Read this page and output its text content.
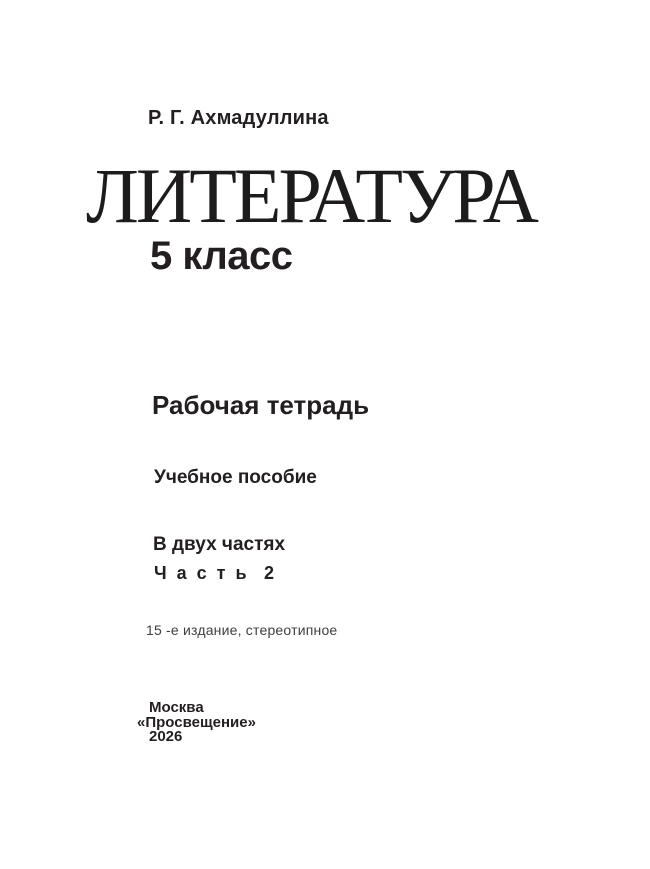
Р. Г. Ахмадуллина
ЛИТЕРАТУРА
5 класс
Рабочая тетрадь
Учебное пособие
В двух частях
Ч а с т ь  2
15 -е издание, стереотипное
Москва
«Просвещение»
2026
